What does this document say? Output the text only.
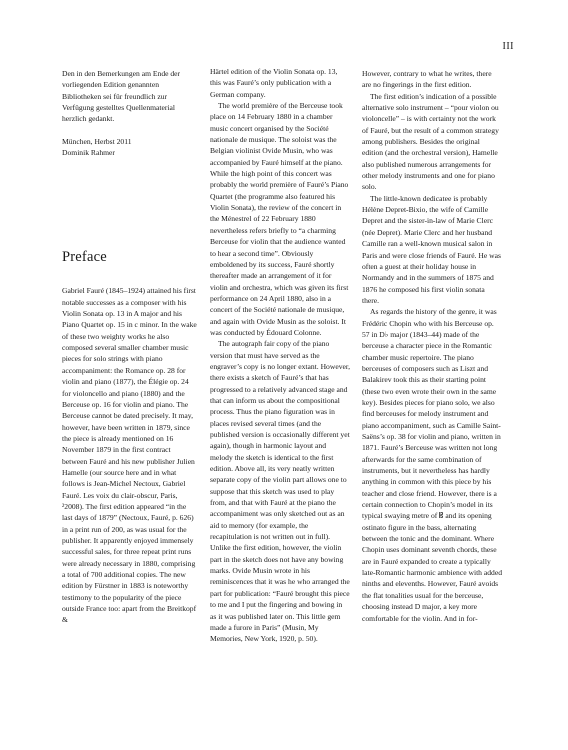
III

Den in den Bemerkungen am Ende der vorliegenden Edition genannten Bibliotheken sei für freundlich zur Verfügung gestelltes Quellenmaterial herzlich gedankt.

München, Herbst 2011

Dominik Rahmer

Preface

Gabriel Fauré (1845–1924) attained his first notable successes as a composer with his Violin Sonata op. 13 in A major and his Piano Quartet op. 15 in c minor. In the wake of these two weighty works he also composed several smaller chamber music pieces for solo strings with piano accompaniment: the Romance op. 28 for violin and piano (1877), the Élégie op. 24 for violoncello and piano (1880) and the Berceuse op. 16 for violin and piano. The Berceuse cannot be dated precisely. It may, however, have been written in 1879, since the piece is already mentioned on 16 November 1879 in the first contract between Fauré and his new publisher Julien Hamelle (our source here and in what follows is Jean-Michel Nectoux, Gabriel Fauré. Les voix du clair-obscur, Paris, ²2008). The first edition appeared “in the last days of 1879” (Nectoux, Fauré, p. 626) in a print run of 200, as was usual for the publisher. It apparently enjoyed immensely successful sales, for three repeat print runs were already necessary in 1880, comprising a total of 700 additional copies. The new edition by Fürstner in 1883 is noteworthy testimony to the popularity of the piece outside France too: apart from the Breitkopf &

Härtel edition of the Violin Sonata op. 13, this was Fauré’s only publication with a German company.

The world première of the Berceuse took place on 14 February 1880 in a chamber music concert organised by the Société nationale de musique. The soloist was the Belgian violinist Ovide Musin, who was accompanied by Fauré himself at the piano. While the high point of this concert was probably the world première of Fauré’s Piano Quartet (the programme also featured his Violin Sonata), the review of the concert in the Ménestrel of 22 February 1880 nevertheless refers briefly to “a charming Berceuse for violin that the audience wanted to hear a second time”. Obviously emboldened by its success, Fauré shortly thereafter made an arrangement of it for violin and orchestra, which was given its first performance on 24 April 1880, also in a concert of the Société nationale de musique, and again with Ovide Musin as the soloist. It was conducted by Édouard Colonne.

The autograph fair copy of the piano version that must have served as the engraver’s copy is no longer extant. However, there exists a sketch of Fauré’s that has progressed to a relatively advanced stage and that can inform us about the compositional process. Thus the piano figuration was in places revised several times (and the published version is occasionally different yet again), though in harmonic layout and melody the sketch is identical to the first edition. Above all, its very neatly written separate copy of the violin part allows one to suppose that this sketch was used to play from, and that with Fauré at the piano the accompaniment was only sketched out as an aid to memory (for example, the recapitulation is not written out in full). Unlike the first edition, however, the violin part in the sketch does not have any bowing marks. Ovide Musin wrote in his reminiscences that it was he who arranged the part for publication: “Fauré brought this piece to me and I put the fingering and bowing in as it was published later on. This little gem made a furore in Paris” (Musin, My Memories, New York, 1920, p. 50).

However, contrary to what he writes, there are no fingerings in the first edition.

The first edition’s indication of a possible alternative solo instrument – “pour violon ou violoncelle” – is with certainty not the work of Fauré, but the result of a common strategy among publishers. Besides the original edition (and the orchestral version), Hamelle also published numerous arrangements for other melody instruments and one for piano solo.

The little-known dedicatee is probably Hélène Depret-Bixio, the wife of Camille Depret and the sister-in-law of Marie Clerc (née Depret). Marie Clerc and her husband Camille ran a well-known musical salon in Paris and were close friends of Fauré. He was often a guest at their holiday house in Normandy and in the summers of 1875 and 1876 he composed his first violin sonata there.

As regards the history of the genre, it was Frédéric Chopin who with his Berceuse op. 57 in D♭ major (1843–44) made of the berceuse a character piece in the Romantic chamber music repertoire. The piano berceuses of composers such as Liszt and Balakirev took this as their starting point (these two even wrote their own in the same key). Besides pieces for piano solo, we also find berceuses for melody instrument and piano accompaniment, such as Camille Saint-Saëns’s op. 38 for violin and piano, written in 1871. Fauré’s Berceuse was written not long afterwards for the same combination of instruments, but it nevertheless has hardly anything in common with this piece by his teacher and close friend. However, there is a certain connection to Chopin’s model in its typical swaying metre of 𝄡 and its opening ostinato figure in the bass, alternating between the tonic and the dominant. Where Chopin uses dominant seventh chords, these are in Fauré expanded to create a typically late-Romantic harmonic ambience with added ninths and elevenths. However, Fauré avoids the flat tonalities usual for the berceuse, choosing instead D major, a key more comfortable for the violin. And in for-
